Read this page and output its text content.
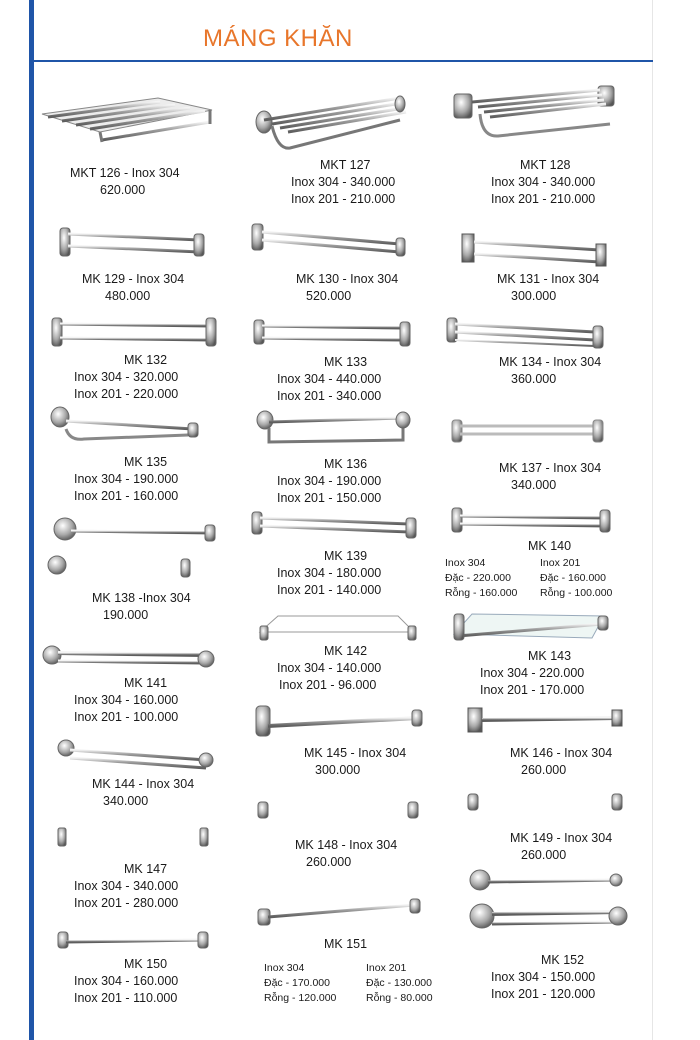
MÁNG KHĂN
MKT 126 - Inox 304
620.000
MKT 127
Inox 304 - 340.000
Inox 201 - 210.000
MKT 128
Inox 304 - 340.000
Inox 201 - 210.000
MK 129 - Inox 304
480.000
MK 130 - Inox 304
520.000
MK 131 - Inox 304
300.000
MK 132
Inox 304 - 320.000
Inox 201 - 220.000
MK 133
Inox 304 - 440.000
Inox 201 - 340.000
MK 134 - Inox 304
360.000
MK 135
Inox 304 - 190.000
Inox 201 - 160.000
MK 136
Inox 304 - 190.000
Inox 201 - 150.000
MK 137 - Inox 304
340.000
MK 138 -Inox 304
190.000
MK 139
Inox 304 - 180.000
Inox 201 - 140.000
MK 140
Inox 304
Đặc - 220.000
Rỗng - 160.000
Inox 201
Đặc - 160.000
Rỗng - 100.000
MK 141
Inox 304 - 160.000
Inox 201 - 100.000
MK 142
Inox 304 - 140.000
Inox 201 - 96.000
MK 143
Inox 304 - 220.000
Inox 201 - 170.000
MK 144 - Inox 304
340.000
MK 145 - Inox 304
300.000
MK 146 - Inox 304
260.000
MK 147
Inox 304 - 340.000
Inox 201 - 280.000
MK 148 - Inox 304
260.000
MK 149 - Inox 304
260.000
MK 150
Inox 304 - 160.000
Inox 201 - 110.000
MK 151
Inox 304
Đặc - 170.000
Rỗng - 120.000
Inox 201
Đặc - 130.000
Rỗng - 80.000
MK 152
Inox 304 - 150.000
Inox 201 - 120.000
